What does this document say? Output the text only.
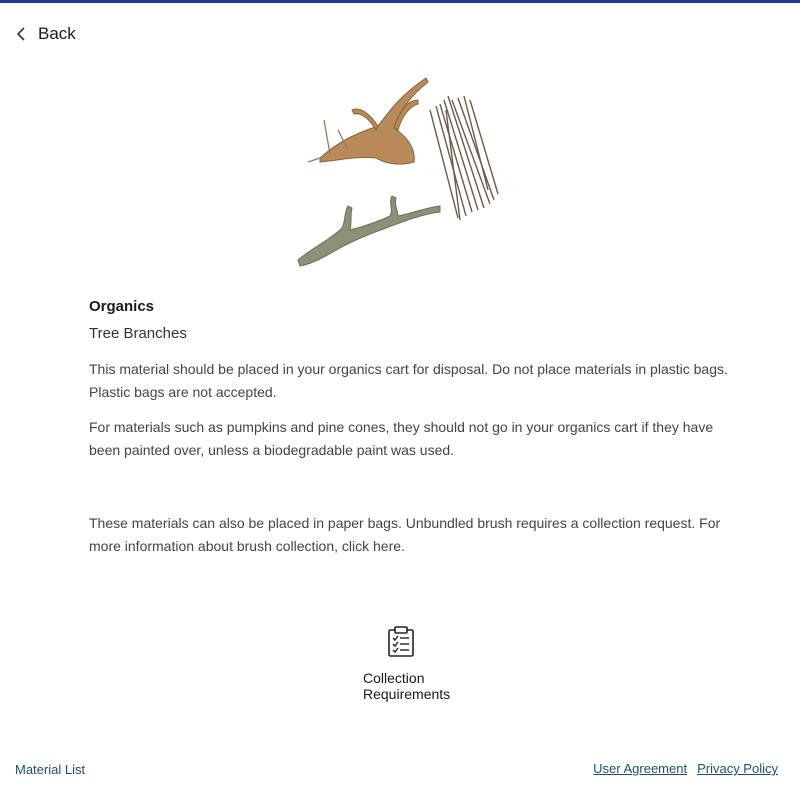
Back

Organics

Tree Branches

This material should be placed in your organics cart for disposal. Do not place materials in plastic bags. Plastic bags are not accepted.

For materials such as pumpkins and pine cones, they should not go in your organics cart if they have been painted over, unless a biodegradable paint was used.

These materials can also be placed in paper bags. Unbundled brush requires a collection request. For more information about brush collection, click here.

Collection
Requirements
Material List	User Agreement Privacy Policy
